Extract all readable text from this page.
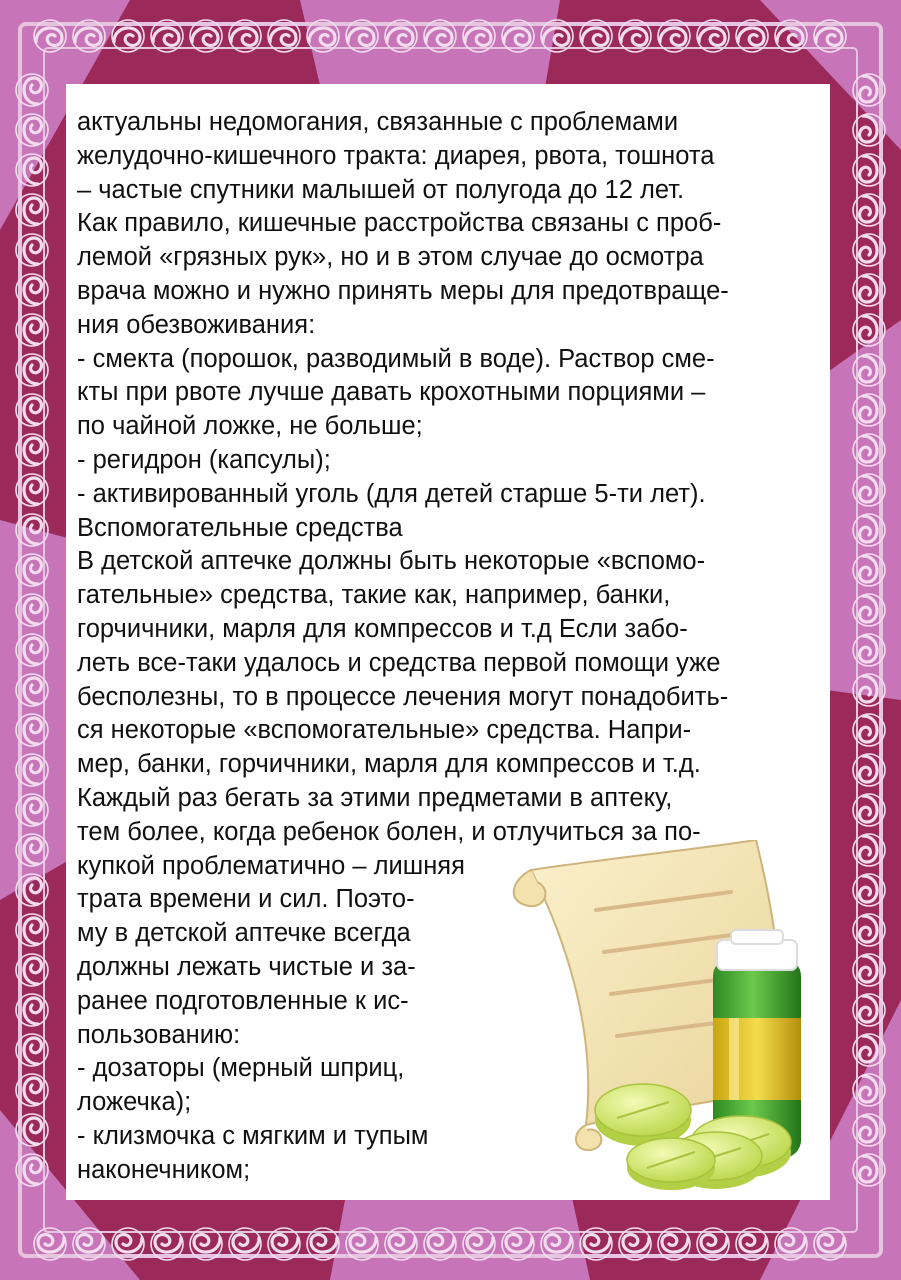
актуальны недомогания, связанные с проблемами

желудочно-кишечного тракта: диарея, рвота, тошнота

– частые спутники малышей от полугода до 12 лет.

Как правило, кишечные расстройства связаны с проб-

лемой «грязных рук», но и в этом случае до осмотра

врача можно и нужно принять меры для предотвраще-

ния обезвоживания:

- смекта (порошок, разводимый в воде). Раствор сме-

кты при рвоте лучше давать крохотными порциями –

по чайной ложке, не больше;

- регидрон (капсулы);

- активированный уголь (для детей старше 5-ти лет).

Вспомогательные средства

В детской аптечке должны быть некоторые «вспомо-

гательные» средства, такие как, например, банки,

горчичники, марля для компрессов и т.д Если забо-

леть все-таки удалось и средства первой помощи уже

бесполезны, то в процессе лечения могут понадобить-

ся некоторые «вспомогательные» средства. Напри-

мер, банки, горчичники, марля для компрессов и т.д.

Каждый раз бегать за этими предметами в аптеку,

тем более, когда ребенок болен, и отлучиться за по-

купкой проблематично – лишняя

трата времени и сил. Поэто-

му в детской аптечке всегда

должны лежать чистые и за-

ранее подготовленные к ис-

пользованию:

- дозаторы (мерный шприц,

ложечка);

- клизмочка с мягким и тупым

наконечником;
